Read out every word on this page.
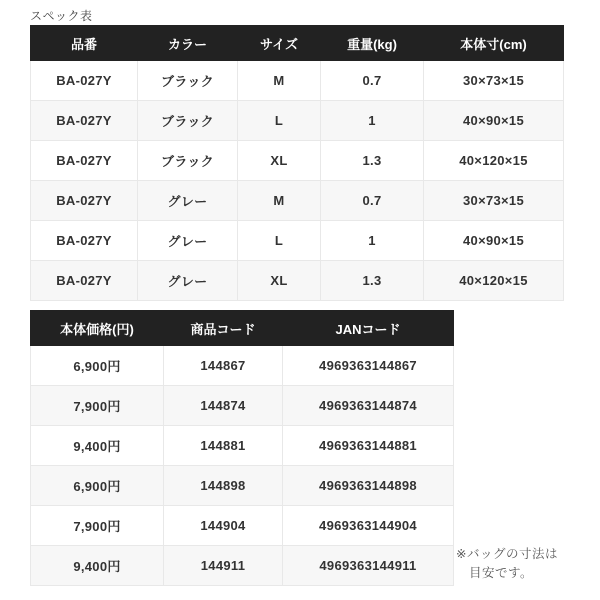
スペック表
品番	カラー	サイズ	重量(kg)	本体寸(cm)
BA-027Y	ブラック	M	0.7	30×73×15
BA-027Y	ブラック	L	1	40×90×15
BA-027Y	ブラック	XL	1.3	40×120×15
BA-027Y	グレー	M	0.7	30×73×15
BA-027Y	グレー	L	1	40×90×15
BA-027Y	グレー	XL	1.3	40×120×15
本体価格(円)	商品コード	JANコード
6,900円	144867	4969363144867
7,900円	144874	4969363144874
9,400円	144881	4969363144881
6,900円	144898	4969363144898
7,900円	144904	4969363144904
9,400円	144911	4969363144911
※バッグの寸法は
目安です。
